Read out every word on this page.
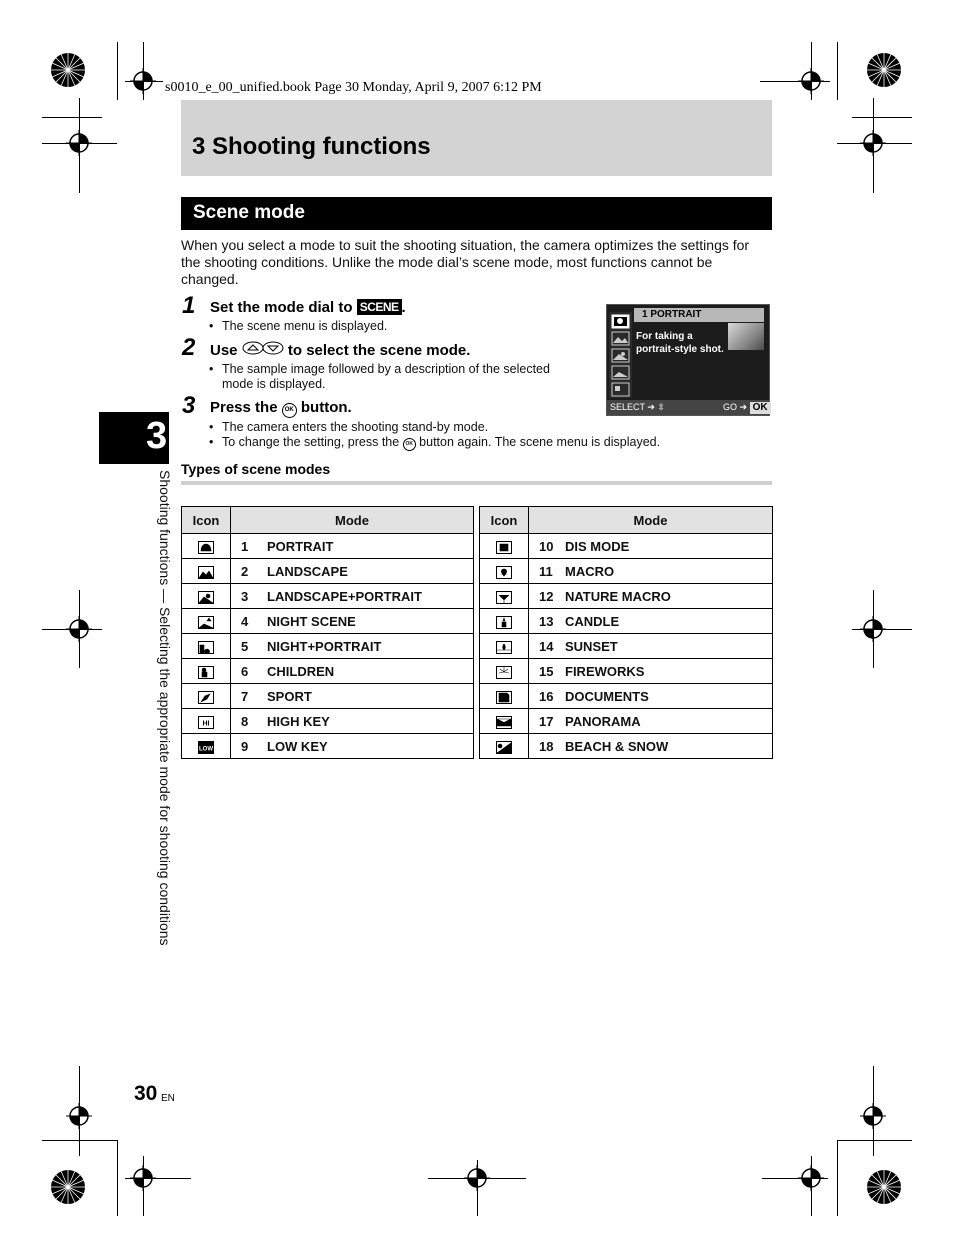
s0010_e_00_unified.book Page 30 Monday, April 9, 2007 6:12 PM
3 Shooting functions
Scene mode
When you select a mode to suit the shooting situation, the camera optimizes the settings for the shooting conditions. Unlike the mode dial’s scene mode, most functions cannot be changed.
1 Set the mode dial to SCENE .
• The scene menu is displayed.
2 Use	to select the scene mode.
• The sample image followed by a description of the selected mode is displayed.
3 Press the OK button.
• The camera enters the shooting stand-by mode.
• To change the setting, press the OK button again. The scene menu is displayed.
1 PORTRAIT
For taking a portrait-style shot.
SELECT ➔ ⇳	GO ➔ OK
3
Shooting functions — Selecting the appropriate mode for shooting conditions
Types of scene modes
Icon	Mode
	1 PORTRAIT
	2 LANDSCAPE
	3 LANDSCAPE+PORTRAIT
	4 NIGHT SCENE
	5 NIGHT+PORTRAIT
	6 CHILDREN
	7 SPORT

HI	8 HIGH KEY

LOW	9 LOW KEY
Icon	Mode
	10 DIS MODE
	11 MACRO
	12 NATURE MACRO
	13 CANDLE
	14 SUNSET
	15 FIREWORKS
	16 DOCUMENTS
	17 PANORAMA
	18 BEACH & SNOW
30 EN
